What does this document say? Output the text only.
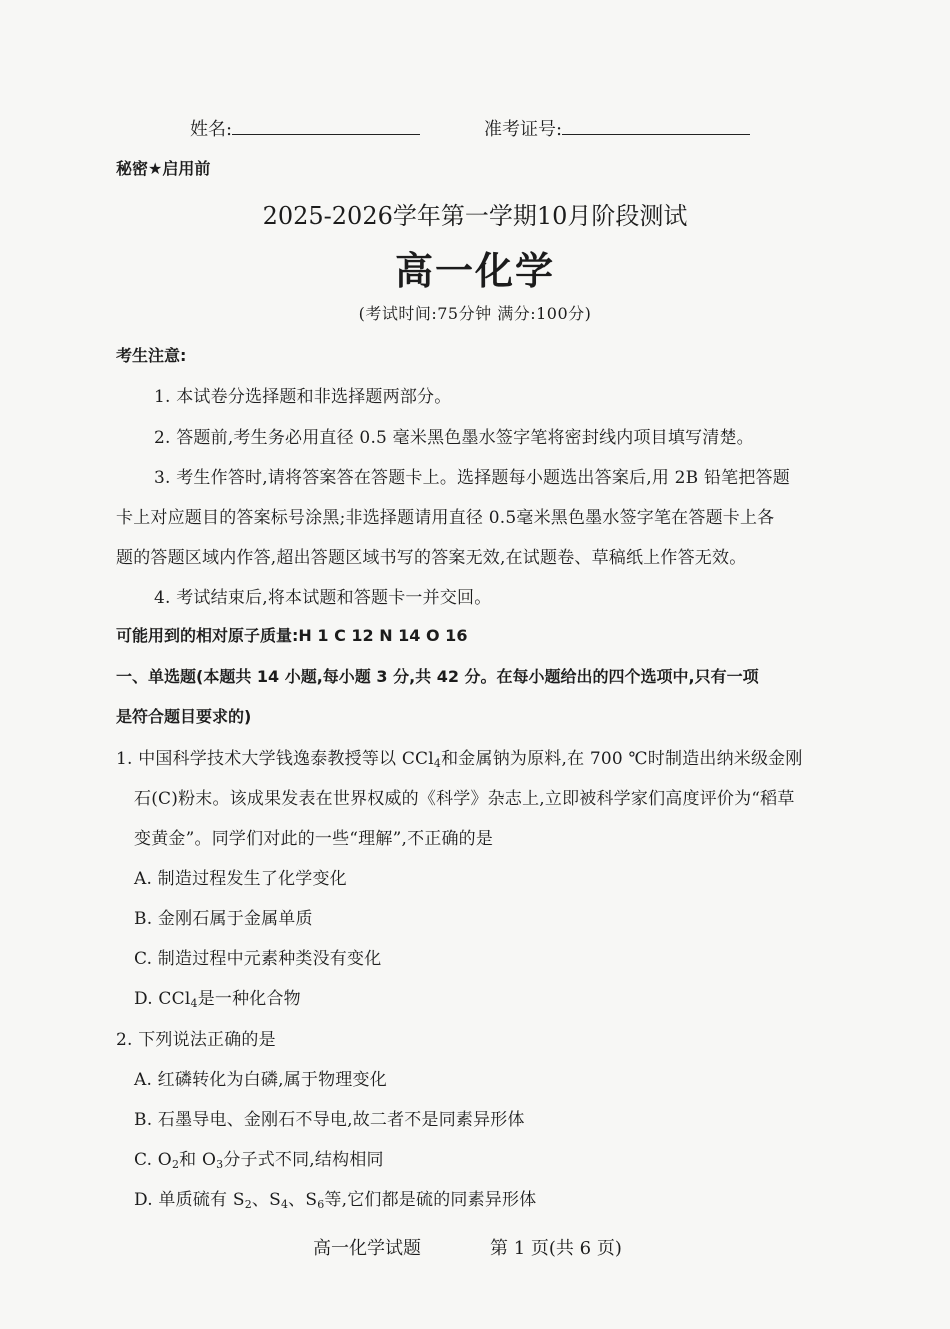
姓名:	准考证号:
秘密★启用前
2025-2026学年第一学期10月阶段测试
高一化学
(考试时间:75分钟 满分:100分)
考生注意:
1. 本试卷分选择题和非选择题两部分。
2. 答题前,考生务必用直径 0.5 毫米黑色墨水签字笔将密封线内项目填写清楚。
3. 考生作答时,请将答案答在答题卡上。选择题每小题选出答案后,用 2B 铅笔把答题
卡上对应题目的答案标号涂黑;非选择题请用直径 0.5毫米黑色墨水签字笔在答题卡上各
题的答题区域内作答,超出答题区域书写的答案无效,在试题卷、草稿纸上作答无效。
4. 考试结束后,将本试题和答题卡一并交回。
可能用到的相对原子质量:H 1 C 12 N 14 O 16
一、单选题(本题共 14 小题,每小题 3 分,共 42 分。在每小题给出的四个选项中,只有一项
是符合题目要求的)
1. 中国科学技术大学钱逸泰教授等以 CCl$_4$和金属钠为原料,在 700 ℃时制造出纳米级金刚
石(C)粉末。该成果发表在世界权威的《科学》杂志上,立即被科学家们高度评价为“稻草
变黄金”。同学们对此的一些“理解”,不正确的是
A. 制造过程发生了化学变化
B. 金刚石属于金属单质
C. 制造过程中元素种类没有变化
D. CCl$_4$是一种化合物
2. 下列说法正确的是
A. 红磷转化为白磷,属于物理变化
B. 石墨导电、金刚石不导电,故二者不是同素异形体
C. $O_2$和 $O_3$分子式不同,结构相同
D. 单质硫有 $S_2$、$S_4$、$S_6$等,它们都是硫的同素异形体
高一化学试题	第 1 页(共 6 页)
